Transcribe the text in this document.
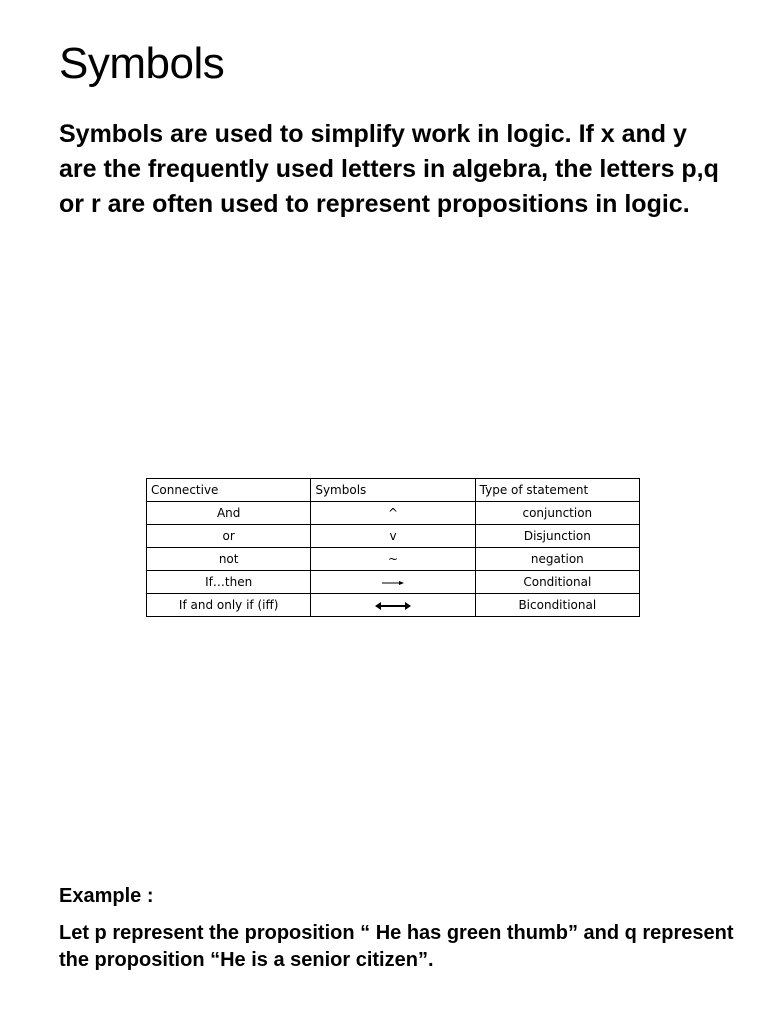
Symbols

Symbols are used to simplify work in logic. If x and y are the frequently used letters in algebra, the letters p,q or r are often used to represent propositions in logic.

Connective	Symbols	Type of statement
And	^	conjunction
or	v	Disjunction
not	~	negation
If…then		Conditional
If and only if (iff)		Biconditional

Example :

Let p represent the proposition “ He has green thumb” and q represent the proposition “He is a senior citizen”.
